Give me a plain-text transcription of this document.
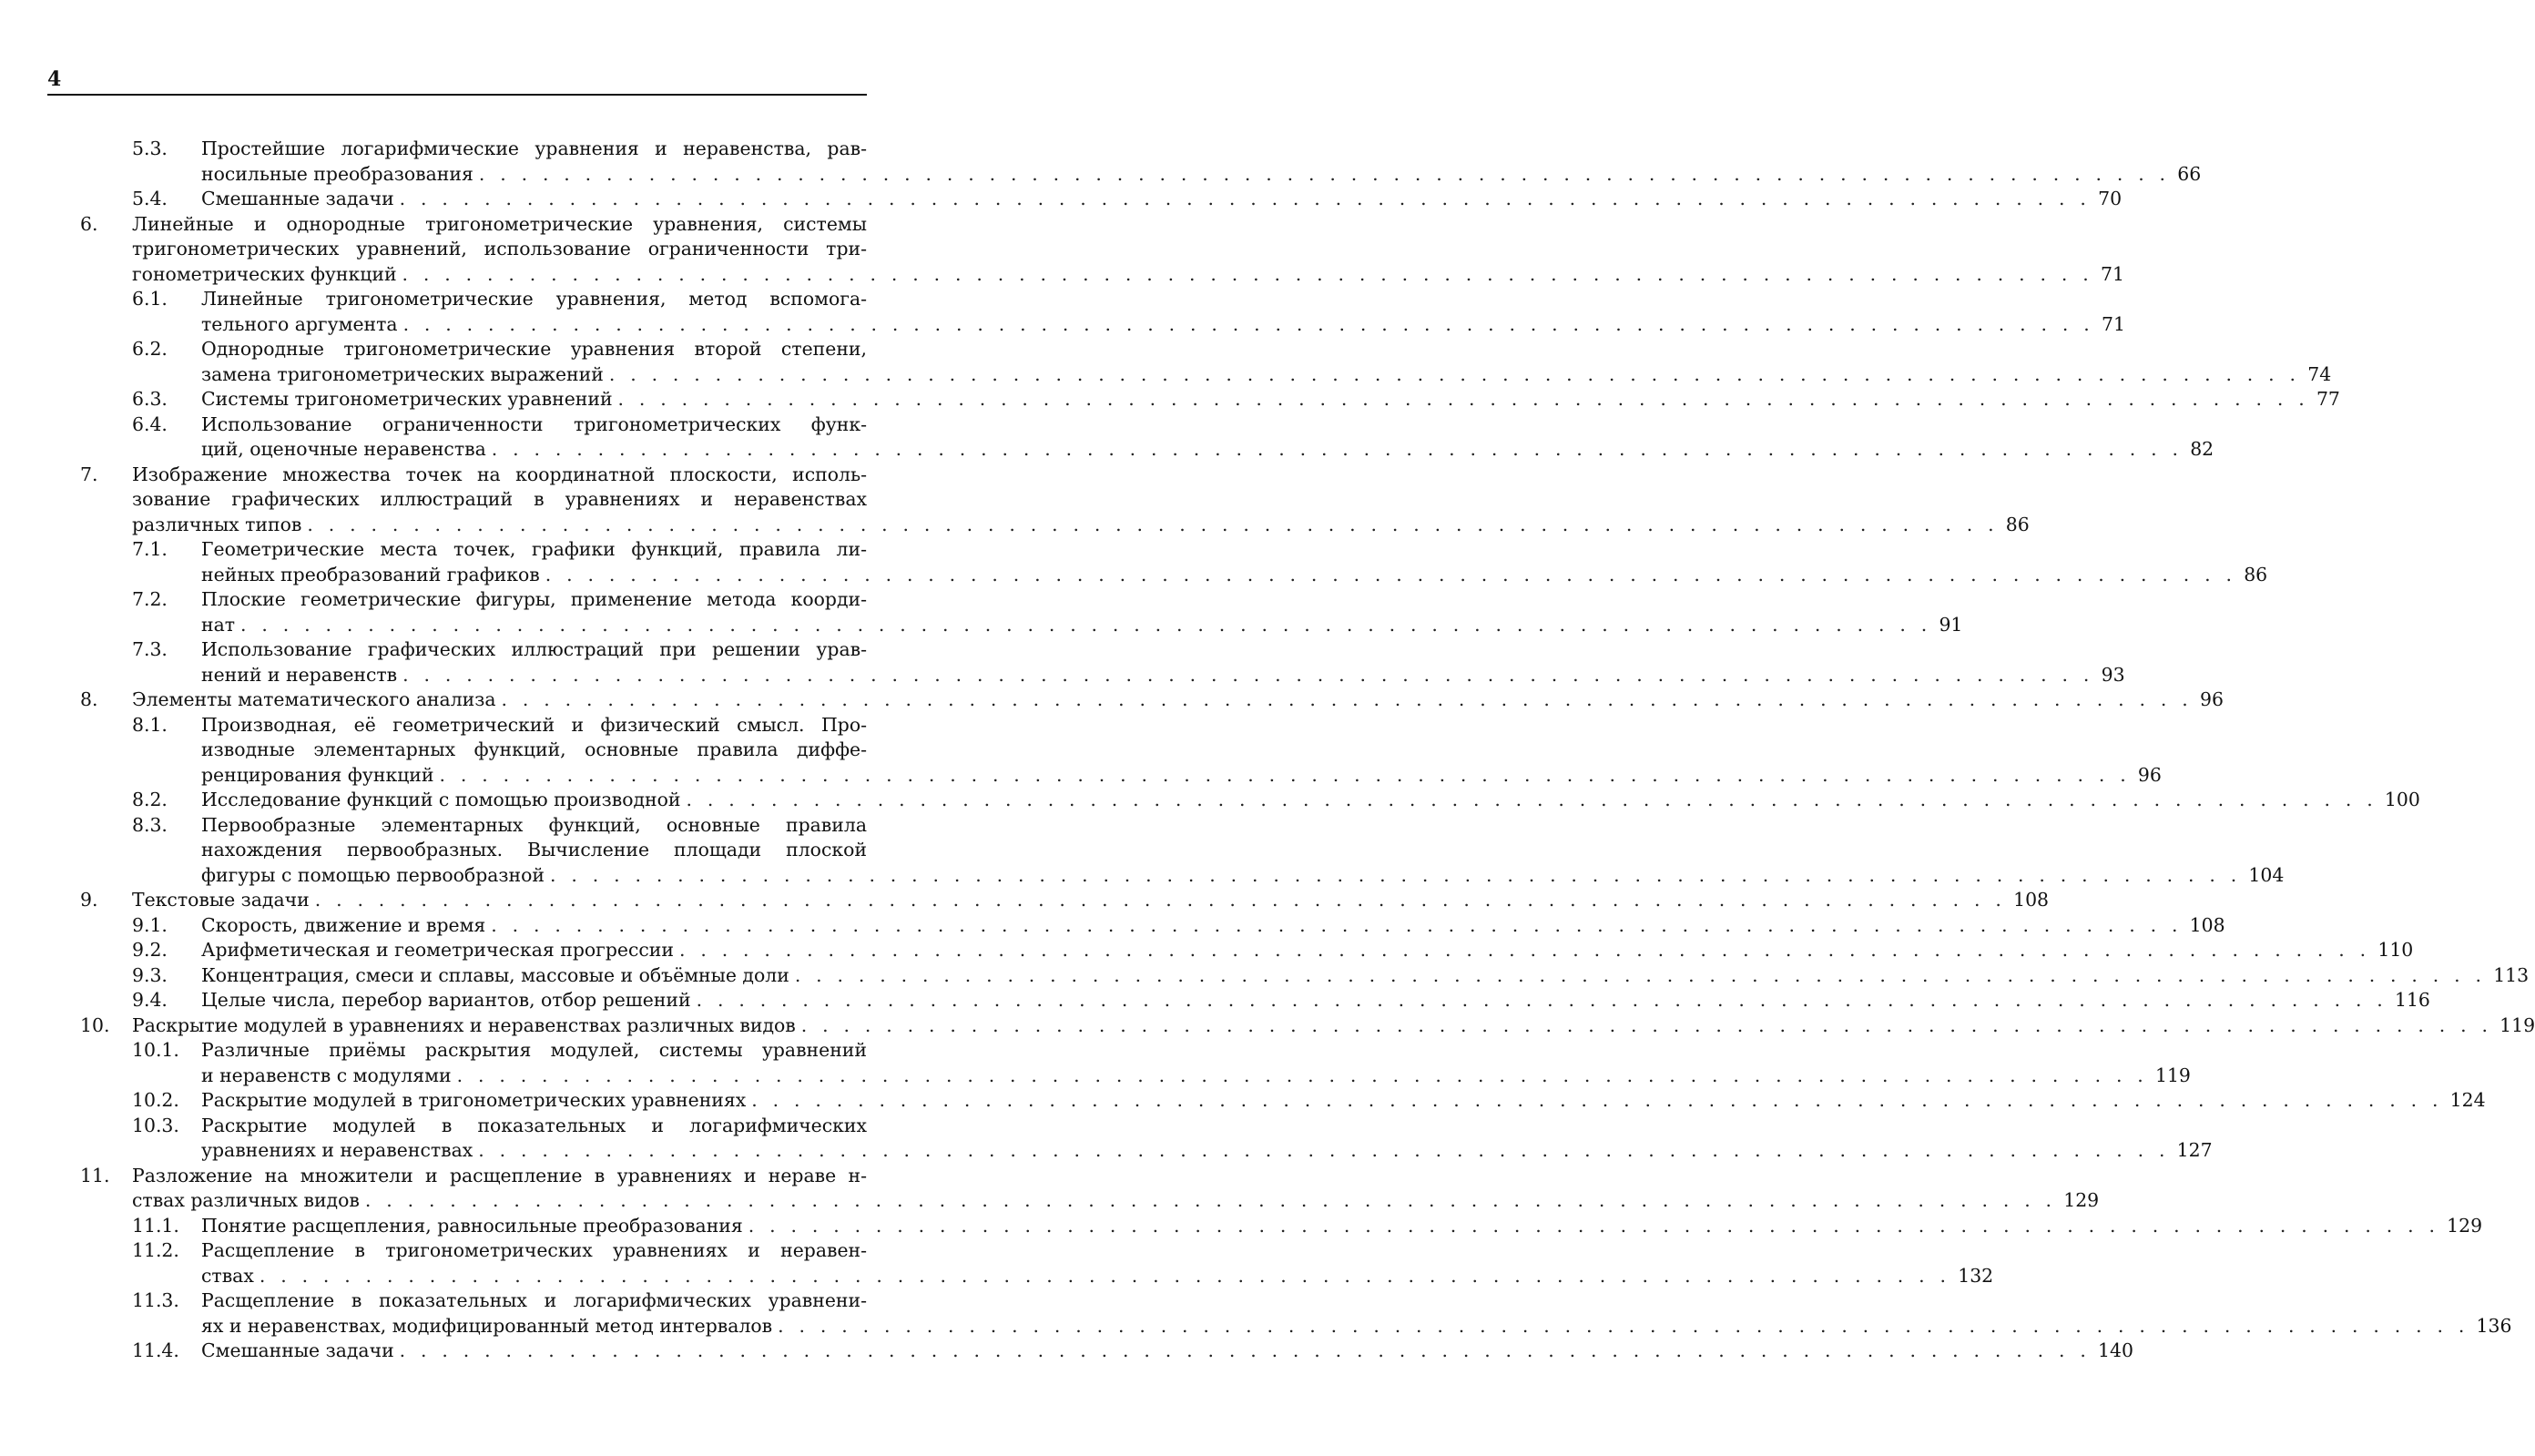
4
5.3. Простейшие логарифмические уравнения и неравенства, рав-
носильные преобразования . . . . . . . . . . . . . . . . . . . . . . . . . . . . . . . . . . . . . . . . . . . . . . . . . . . . . . . . . . . . . . . . . . . . . . . . . . . . . . . . 66
5.4. Смешанные задачи . . . . . . . . . . . . . . . . . . . . . . . . . . . . . . . . . . . . . . . . . . . . . . . . . . . . . . . . . . . . . . . . . . . . . . . . . . . . . . . . 70
6. Линейные и однородные тригонометрические уравнения, системы
тригонометрических уравнений, использование ограниченности три-
гонометрических функций . . . . . . . . . . . . . . . . . . . . . . . . . . . . . . . . . . . . . . . . . . . . . . . . . . . . . . . . . . . . . . . . . . . . . . . . . . . . . . . . 71
6.1. Линейные тригонометрические уравнения, метод вспомога-
тельного аргумента . . . . . . . . . . . . . . . . . . . . . . . . . . . . . . . . . . . . . . . . . . . . . . . . . . . . . . . . . . . . . . . . . . . . . . . . . . . . . . . . 71
6.2. Однородные тригонометрические уравнения второй степени,
замена тригонометрических выражений . . . . . . . . . . . . . . . . . . . . . . . . . . . . . . . . . . . . . . . . . . . . . . . . . . . . . . . . . . . . . . . . . . . . . . . . . . . . . . . . 74
6.3. Системы тригонометрических уравнений . . . . . . . . . . . . . . . . . . . . . . . . . . . . . . . . . . . . . . . . . . . . . . . . . . . . . . . . . . . . . . . . . . . . . . . . . . . . . . . . 77
6.4. Использование ограниченности тригонометрических функ-
ций, оценочные неравенства . . . . . . . . . . . . . . . . . . . . . . . . . . . . . . . . . . . . . . . . . . . . . . . . . . . . . . . . . . . . . . . . . . . . . . . . . . . . . . . . 82
7. Изображение множества точек на координатной плоскости, исполь-
зование графических иллюстраций в уравнениях и неравенствах
различных типов . . . . . . . . . . . . . . . . . . . . . . . . . . . . . . . . . . . . . . . . . . . . . . . . . . . . . . . . . . . . . . . . . . . . . . . . . . . . . . . . 86
7.1. Геометрические места точек, графики функций, правила ли-
нейных преобразований графиков . . . . . . . . . . . . . . . . . . . . . . . . . . . . . . . . . . . . . . . . . . . . . . . . . . . . . . . . . . . . . . . . . . . . . . . . . . . . . . . . 86
7.2. Плоские геометрические фигуры, применение метода коорди-
нат . . . . . . . . . . . . . . . . . . . . . . . . . . . . . . . . . . . . . . . . . . . . . . . . . . . . . . . . . . . . . . . . . . . . . . . . . . . . . . . . 91
7.3. Использование графических иллюстраций при решении урав-
нений и неравенств . . . . . . . . . . . . . . . . . . . . . . . . . . . . . . . . . . . . . . . . . . . . . . . . . . . . . . . . . . . . . . . . . . . . . . . . . . . . . . . . 93
8. Элементы математического анализа . . . . . . . . . . . . . . . . . . . . . . . . . . . . . . . . . . . . . . . . . . . . . . . . . . . . . . . . . . . . . . . . . . . . . . . . . . . . . . . . 96
8.1. Производная, её геометрический и физический смысл. Про-
изводные элементарных функций, основные правила диффе-
ренцирования функций . . . . . . . . . . . . . . . . . . . . . . . . . . . . . . . . . . . . . . . . . . . . . . . . . . . . . . . . . . . . . . . . . . . . . . . . . . . . . . . . 96
8.2. Исследование функций с помощью производной . . . . . . . . . . . . . . . . . . . . . . . . . . . . . . . . . . . . . . . . . . . . . . . . . . . . . . . . . . . . . . . . . . . . . . . . . . . . . . . . 100
8.3. Первообразные элементарных функций, основные правила
нахождения первообразных. Вычисление площади плоской
фигуры с помощью первообразной . . . . . . . . . . . . . . . . . . . . . . . . . . . . . . . . . . . . . . . . . . . . . . . . . . . . . . . . . . . . . . . . . . . . . . . . . . . . . . . . 104
9. Текстовые задачи . . . . . . . . . . . . . . . . . . . . . . . . . . . . . . . . . . . . . . . . . . . . . . . . . . . . . . . . . . . . . . . . . . . . . . . . . . . . . . . . 108
9.1. Скорость, движение и время . . . . . . . . . . . . . . . . . . . . . . . . . . . . . . . . . . . . . . . . . . . . . . . . . . . . . . . . . . . . . . . . . . . . . . . . . . . . . . . . 108
9.2. Арифметическая и геометрическая прогрессии . . . . . . . . . . . . . . . . . . . . . . . . . . . . . . . . . . . . . . . . . . . . . . . . . . . . . . . . . . . . . . . . . . . . . . . . . . . . . . . . 110
9.3. Концентрация, смеси и сплавы, массовые и объёмные доли . . . . . . . . . . . . . . . . . . . . . . . . . . . . . . . . . . . . . . . . . . . . . . . . . . . . . . . . . . . . . . . . . . . . . . . . . . . . . . . . 113
9.4. Целые числа, перебор вариантов, отбор решений . . . . . . . . . . . . . . . . . . . . . . . . . . . . . . . . . . . . . . . . . . . . . . . . . . . . . . . . . . . . . . . . . . . . . . . . . . . . . . . . 116
10. Раскрытие модулей в уравнениях и неравенствах различных видов . . . . . . . . . . . . . . . . . . . . . . . . . . . . . . . . . . . . . . . . . . . . . . . . . . . . . . . . . . . . . . . . . . . . . . . . . . . . . . . . 119
10.1. Различные приёмы раскрытия модулей, системы уравнений
и неравенств с модулями . . . . . . . . . . . . . . . . . . . . . . . . . . . . . . . . . . . . . . . . . . . . . . . . . . . . . . . . . . . . . . . . . . . . . . . . . . . . . . . . 119
10.2. Раскрытие модулей в тригонометрических уравнениях . . . . . . . . . . . . . . . . . . . . . . . . . . . . . . . . . . . . . . . . . . . . . . . . . . . . . . . . . . . . . . . . . . . . . . . . . . . . . . . . 124
10.3. Раскрытие модулей в показательных и логарифмических
уравнениях и неравенствах . . . . . . . . . . . . . . . . . . . . . . . . . . . . . . . . . . . . . . . . . . . . . . . . . . . . . . . . . . . . . . . . . . . . . . . . . . . . . . . . 127
11. Разложение на множители и расщепление в уравнениях и нераве н-
ствах различных видов . . . . . . . . . . . . . . . . . . . . . . . . . . . . . . . . . . . . . . . . . . . . . . . . . . . . . . . . . . . . . . . . . . . . . . . . . . . . . . . . 129
11.1. Понятие расщепления, равносильные преобразования . . . . . . . . . . . . . . . . . . . . . . . . . . . . . . . . . . . . . . . . . . . . . . . . . . . . . . . . . . . . . . . . . . . . . . . . . . . . . . . . 129
11.2. Расщепление в тригонометрических уравнениях и неравен-
ствах . . . . . . . . . . . . . . . . . . . . . . . . . . . . . . . . . . . . . . . . . . . . . . . . . . . . . . . . . . . . . . . . . . . . . . . . . . . . . . . . 132
11.3. Расщепление в показательных и логарифмических уравнени-
ях и неравенствах, модифицированный метод интервалов . . . . . . . . . . . . . . . . . . . . . . . . . . . . . . . . . . . . . . . . . . . . . . . . . . . . . . . . . . . . . . . . . . . . . . . . . . . . . . . . 136
11.4. Смешанные задачи . . . . . . . . . . . . . . . . . . . . . . . . . . . . . . . . . . . . . . . . . . . . . . . . . . . . . . . . . . . . . . . . . . . . . . . . . . . . . . . . 140
